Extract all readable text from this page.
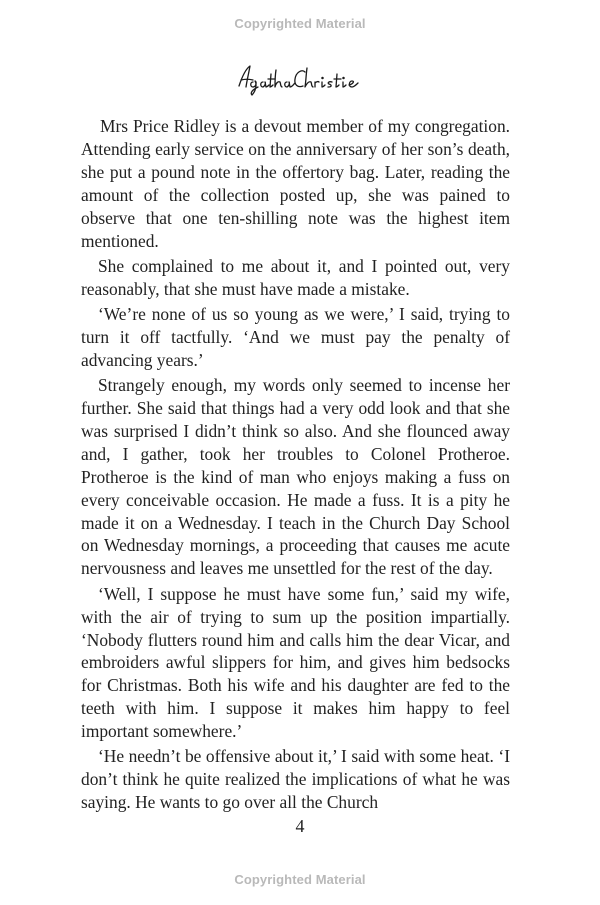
Copyrighted Material

Mrs Price Ridley is a devout member of my congregation. Attending early service on the anniversary of her son’s death, she put a pound note in the offertory bag. Later, reading the amount of the collection posted up, she was pained to observe that one ten-shilling note was the highest item mentioned.

She complained to me about it, and I pointed out, very reasonably, that she must have made a mistake.

‘We’re none of us so young as we were,’ I said, trying to turn it off tactfully. ‘And we must pay the penalty of advancing years.’

Strangely enough, my words only seemed to incense her further. She said that things had a very odd look and that she was surprised I didn’t think so also. And she flounced away and, I gather, took her troubles to Colonel Protheroe. Protheroe is the kind of man who enjoys making a fuss on every conceivable occasion. He made a fuss. It is a pity he made it on a Wednesday. I teach in the Church Day School on Wednesday mornings, a proceeding that causes me acute nervousness and leaves me unsettled for the rest of the day.

‘Well, I suppose he must have some fun,’ said my wife, with the air of trying to sum up the position impartially. ‘Nobody flutters round him and calls him the dear Vicar, and embroiders awful slippers for him, and gives him bedsocks for Christmas. Both his wife and his daughter are fed to the teeth with him. I suppose it makes him happy to feel important somewhere.’

‘He needn’t be offensive about it,’ I said with some heat. ‘I don’t think he quite realized the implications of what he was saying. He wants to go over all the Church

4
Copyrighted Material
